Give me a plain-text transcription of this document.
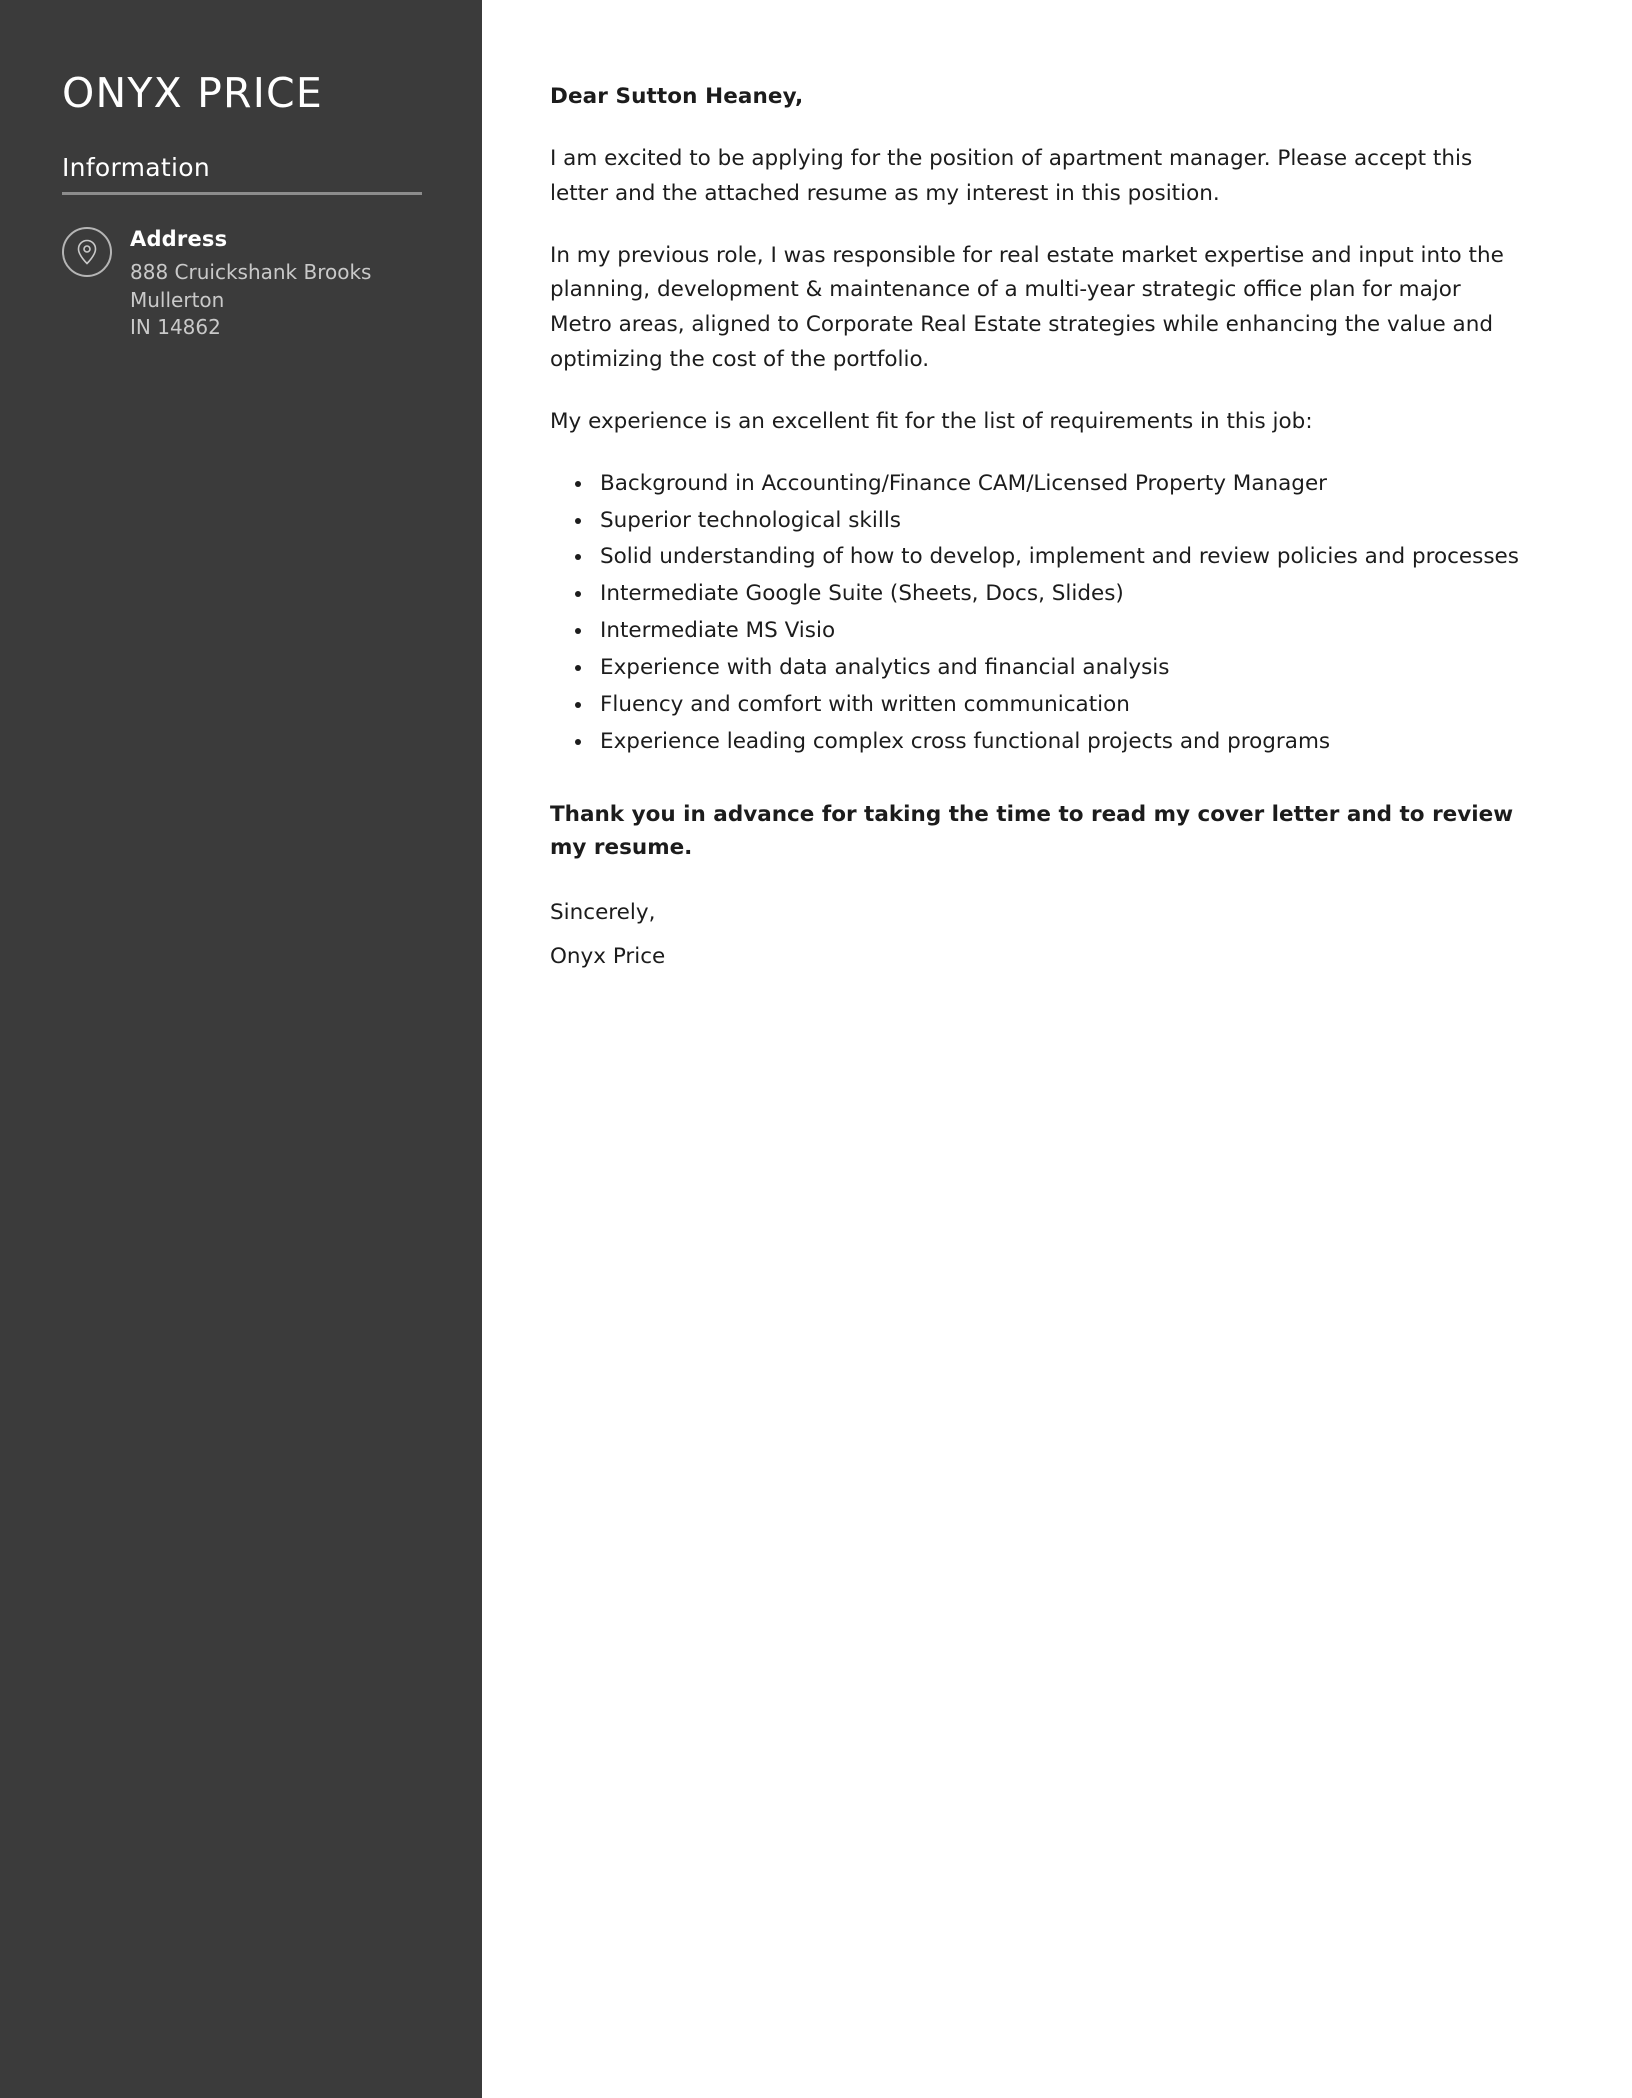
ONYX PRICE
Information
Address
888 Cruickshank Brooks
Mullerton
IN 14862

Dear Sutton Heaney,

I am excited to be applying for the position of apartment manager. Please accept this letter and the attached resume as my interest in this position.

In my previous role, I was responsible for real estate market expertise and input into the planning, development & maintenance of a multi-year strategic office plan for major Metro areas, aligned to Corporate Real Estate strategies while enhancing the value and optimizing the cost of the portfolio.

My experience is an excellent fit for the list of requirements in this job:

• Background in Accounting/Finance CAM/Licensed Property Manager
• Superior technological skills
• Solid understanding of how to develop, implement and review policies and processes
• Intermediate Google Suite (Sheets, Docs, Slides)
• Intermediate MS Visio
• Experience with data analytics and financial analysis
• Fluency and comfort with written communication
• Experience leading complex cross functional projects and programs

Thank you in advance for taking the time to read my cover letter and to review my resume.

Sincerely,

Onyx Price
